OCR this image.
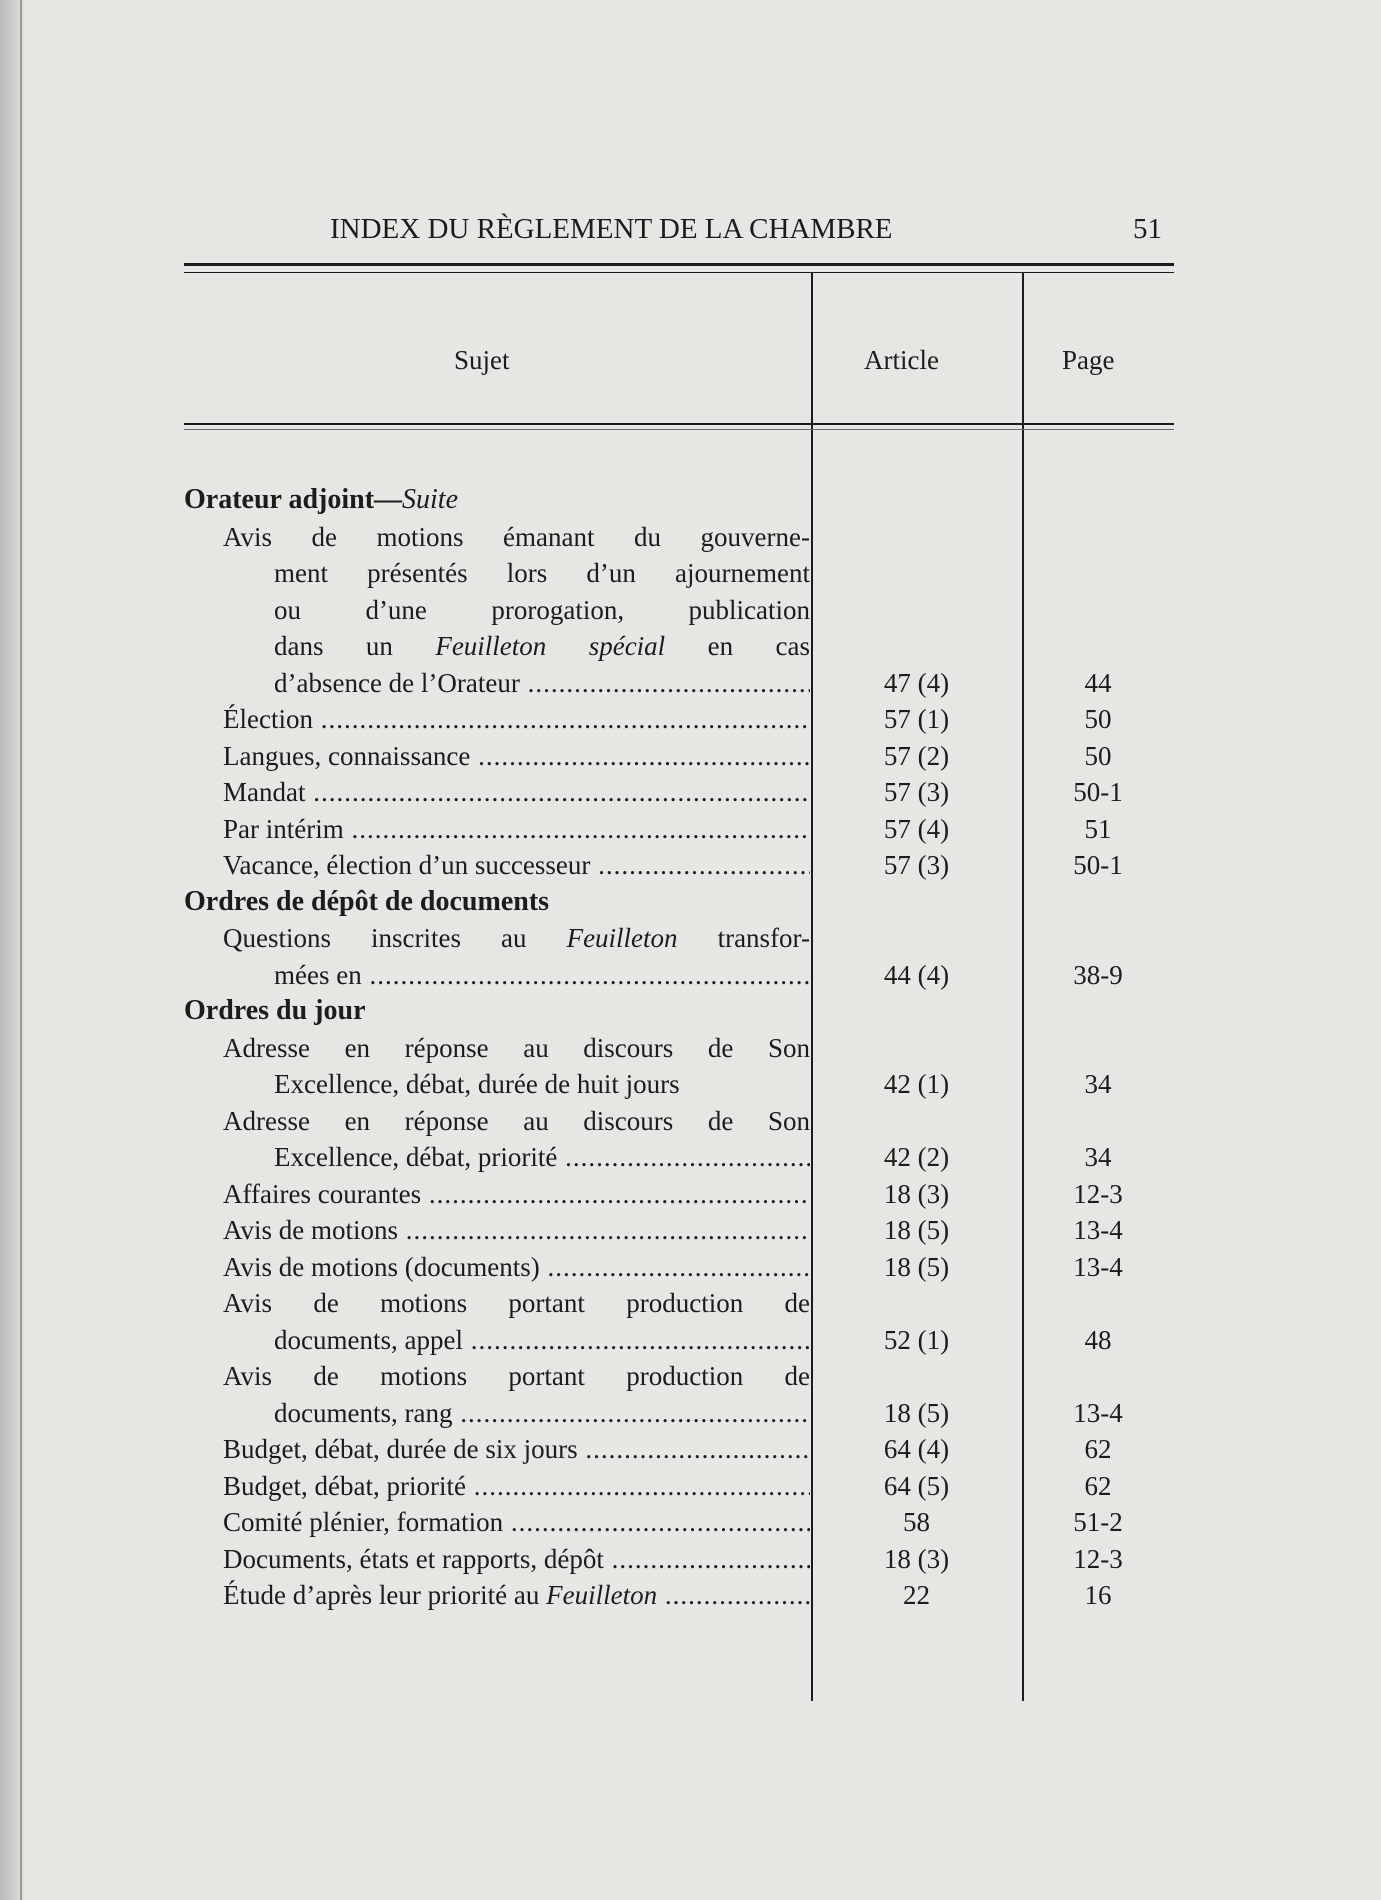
INDEX DU RÈGLEMENT DE LA CHAMBRE	51
Sujet	Article	Page
Orateur adjoint—Suite
Avis de motions émanant du gouverne-
ment présentés lors d’un ajournement
ou d’une prorogation, publication
dans un Feuilleton spécial en cas
d’absence de l’Orateur .....	47 (4)	44
Élection .....	57 (1)	50
Langues, connaissance .....	57 (2)	50
Mandat .....	57 (3)	50-1
Par intérim .....	57 (4)	51
Vacance, élection d’un successeur .....	57 (3)	50-1
Ordres de dépôt de documents
Questions inscrites au Feuilleton transfor-
mées en .....	44 (4)	38-9
Ordres du jour
Adresse en réponse au discours de Son
Excellence, débat, durée de huit jours	42 (1)	34
Adresse en réponse au discours de Son
Excellence, débat, priorité .....	42 (2)	34
Affaires courantes .....	18 (3)	12-3
Avis de motions .....	18 (5)	13-4
Avis de motions (documents) .....	18 (5)	13-4
Avis de motions portant production de
documents, appel .....	52 (1)	48
Avis de motions portant production de
documents, rang .....	18 (5)	13-4
Budget, débat, durée de six jours .....	64 (4)	62
Budget, débat, priorité .....	64 (5)	62
Comité plénier, formation .....	58	51-2
Documents, états et rapports, dépôt .....	18 (3)	12-3
Étude d’après leur priorité au Feuilleton .....	22	16
